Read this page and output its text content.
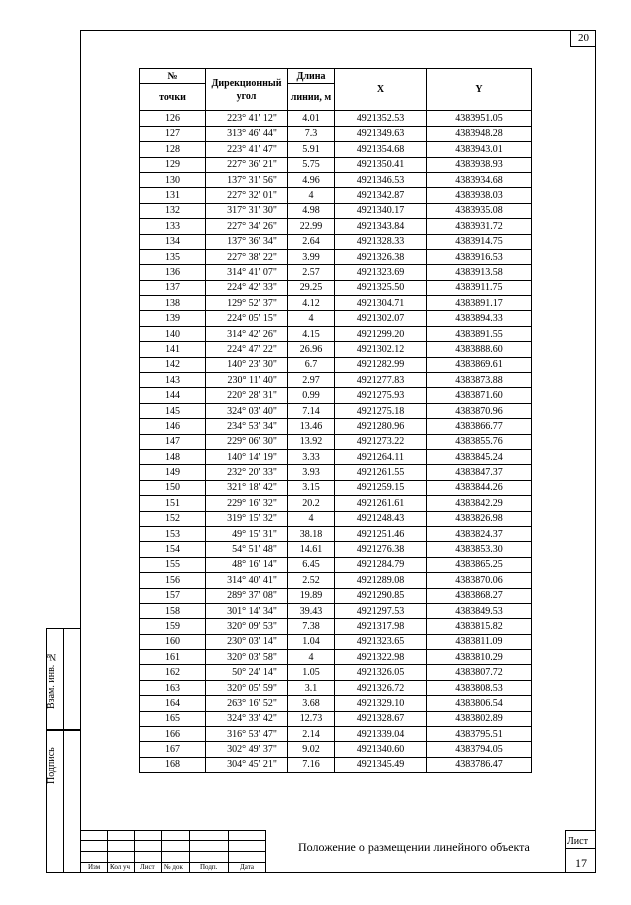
20
Взам. инв. №
Подпись
№	Дирекционный угол	Длина	X	Y
точки		линии, м		
126	223° 41' 12"	4.01	4921352.53	4383951.05
127	313° 46' 44"	7.3	4921349.63	4383948.28
128	223° 41' 47"	5.91	4921354.68	4383943.01
129	227° 36' 21"	5.75	4921350.41	4383938.93
130	137° 31' 56"	4.96	4921346.53	4383934.68
131	227° 32' 01"	4	4921342.87	4383938.03
132	317° 31' 30"	4.98	4921340.17	4383935.08
133	227° 34' 26"	22.99	4921343.84	4383931.72
134	137° 36' 34"	2.64	4921328.33	4383914.75
135	227° 38' 22"	3.99	4921326.38	4383916.53
136	314° 41' 07"	2.57	4921323.69	4383913.58
137	224° 42' 33"	29.25	4921325.50	4383911.75
138	129° 52' 37"	4.12	4921304.71	4383891.17
139	224° 05' 15"	4	4921302.07	4383894.33
140	314° 42' 26"	4.15	4921299.20	4383891.55
141	224° 47' 22"	26.96	4921302.12	4383888.60
142	140° 23' 30"	6.7	4921282.99	4383869.61
143	230° 11' 40"	2.97	4921277.83	4383873.88
144	220° 28' 31"	0.99	4921275.93	4383871.60
145	324° 03' 40"	7.14	4921275.18	4383870.96
146	234° 53' 34"	13.46	4921280.96	4383866.77
147	229° 06' 30"	13.92	4921273.22	4383855.76
148	140° 14' 19"	3.33	4921264.11	4383845.24
149	232° 20' 33"	3.93	4921261.55	4383847.37
150	321° 18' 42"	3.15	4921259.15	4383844.26
151	229° 16' 32"	20.2	4921261.61	4383842.29
152	319° 15' 32"	4	4921248.43	4383826.98
153	49° 15' 31"	38.18	4921251.46	4383824.37
154	54° 51' 48"	14.61	4921276.38	4383853.30
155	48° 16' 14"	6.45	4921284.79	4383865.25
156	314° 40' 41"	2.52	4921289.08	4383870.06
157	289° 37' 08"	19.89	4921290.85	4383868.27
158	301° 14' 34"	39.43	4921297.53	4383849.53
159	320° 09' 53"	7.38	4921317.98	4383815.82
160	230° 03' 14"	1.04	4921323.65	4383811.09
161	320° 03' 58"	4	4921322.98	4383810.29
162	50° 24' 14"	1.05	4921326.05	4383807.72
163	320° 05' 59"	3.1	4921326.72	4383808.53
164	263° 16' 52"	3.68	4921329.10	4383806.54
165	324° 33' 42"	12.73	4921328.67	4383802.89
166	316° 53' 47"	2.14	4921339.04	4383795.51
167	302° 49' 37"	9.02	4921340.60	4383794.05
168	304° 45' 21"	7.16	4921345.49	4383786.47
Изм Кол уч Лист № док Подп.	Дата
Положение о размещении линейного объекта	Лист
17
